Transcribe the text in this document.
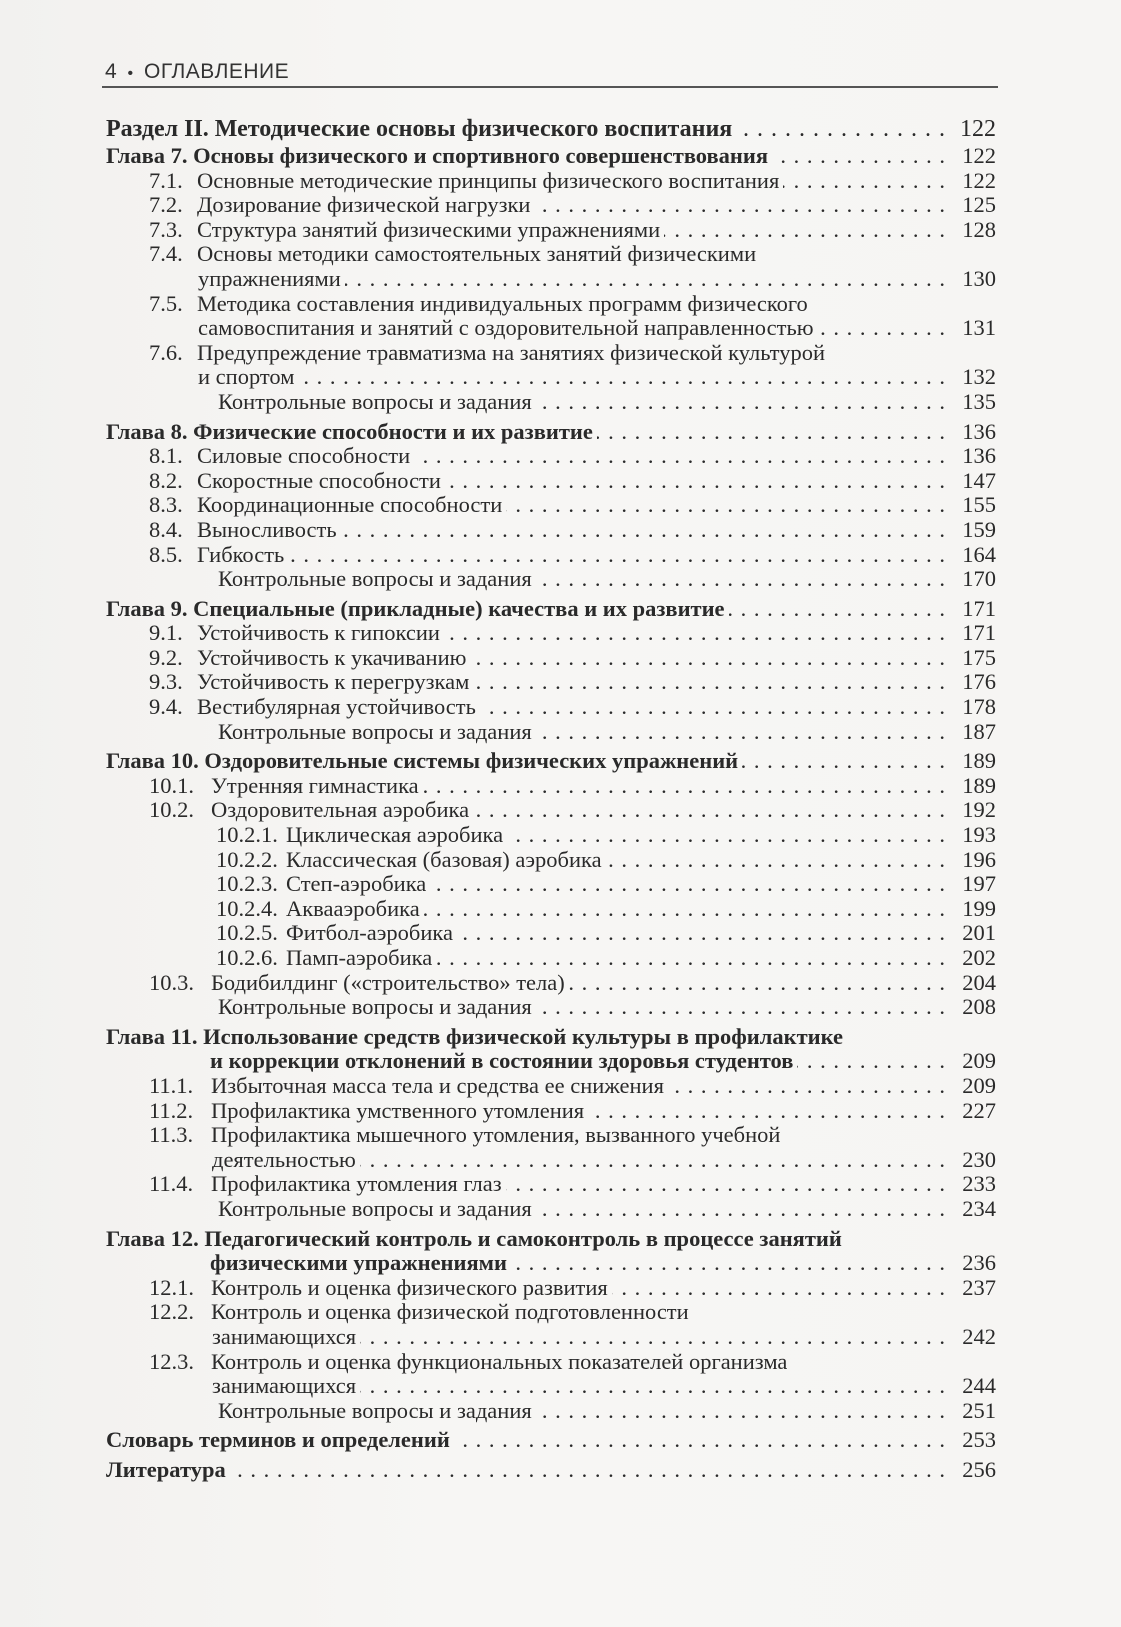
4 • ОГЛАВЛЕНИЕ
Раздел II. Методические основы физического воспитания . . .	122
Глава 7. Основы физического и спортивного совершенствования . . .	122
7.1. Основные методические принципы физического воспитания . . .	122
7.2. Дозирование физической нагрузки . . .	125
7.3. Структура занятий физическими упражнениями . . .	128
7.4. Основы методики самостоятельных занятий физическими
упражнениями . . .	130
7.5. Методика составления индивидуальных программ физического
самовоспитания и занятий с оздоровительной направленностью . . .	131
7.6. Предупреждение травматизма на занятиях физической культурой
и спортом . . .	132
Контрольные вопросы и задания . . .	135
Глава 8. Физические способности и их развитие . . .	136
8.1. Силовые способности . . .	136
8.2. Скоростные способности . . .	147
8.3. Координационные способности . . .	155
8.4. Выносливость . . .	159
8.5. Гибкость . . .	164
Контрольные вопросы и задания . . .	170
Глава 9. Специальные (прикладные) качества и их развитие . . .	171
9.1. Устойчивость к гипоксии . . .	171
9.2. Устойчивость к укачиванию . . .	175
9.3. Устойчивость к перегрузкам . . .	176
9.4. Вестибулярная устойчивость . . .	178
Контрольные вопросы и задания . . .	187
Глава 10. Оздоровительные системы физических упражнений . . .	189
10.1. Утренняя гимнастика . . .	189
10.2. Оздоровительная аэробика . . .	192
10.2.1. Циклическая аэробика . . .	193
10.2.2. Классическая (базовая) аэробика . . .	196
10.2.3. Степ-аэробика . . .	197
10.2.4. Аквааэробика . . .	199
10.2.5. Фитбол-аэробика . . .	201
10.2.6. Памп-аэробика . . .	202
10.3. Бодибилдинг («строительство» тела) . . .	204
Контрольные вопросы и задания . . .	208
Глава 11. Использование средств физической культуры в профилактике
и коррекции отклонений в состоянии здоровья студентов . . .	209
11.1. Избыточная масса тела и средства ее снижения . . .	209
11.2. Профилактика умственного утомления . . .	227
11.3. Профилактика мышечного утомления, вызванного учебной
деятельностью . . .	230
11.4. Профилактика утомления глаз . . .	233
Контрольные вопросы и задания . . .	234
Глава 12. Педагогический контроль и самоконтроль в процессе занятий
физическими упражнениями . . .	236
12.1. Контроль и оценка физического развития . . .	237
12.2. Контроль и оценка физической подготовленности
занимающихся . . .	242
12.3. Контроль и оценка функциональных показателей организма
занимающихся . . .	244
Контрольные вопросы и задания . . .	251
Словарь терминов и определений . . .	253
Литература . . .	256
